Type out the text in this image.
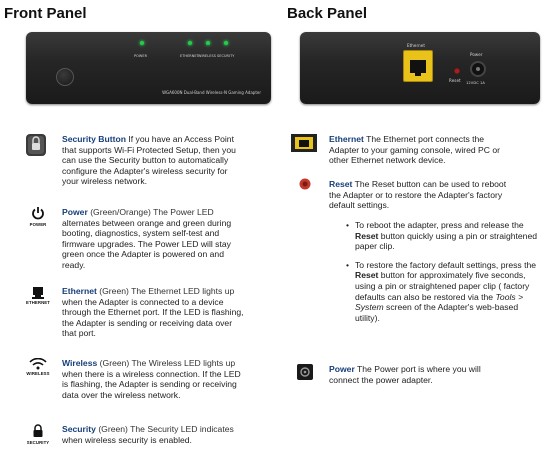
Front Panel	Back Panel
POWER	ETHERNET WIRELESS SECURITY
WGA600N Dual-Band Wireless-N Gaming Adapter
Ethernet
Power
Reset 12VDC 1A
Security Button If you have an Access Point
that supports Wi-Fi Protected Setup, then you
can use the Security button to automatically
configure the Adapter's wireless security for
your wireless network.
POWER
Power (Green/Orange) The Power LED
alternates between orange and green during
booting, diagnostics, system self-test and
firmware upgrades. The Power LED will stay
green once the Adapter is powered on and
ready.
ETHERNET
Ethernet (Green) The Ethernet LED lights up
when the Adapter is connected to a device
through the Ethernet port. If the LED is flashing,
the Adapter is sending or receiving data over
that port.
WIRELESS
Wireless (Green) The Wireless LED lights up
when there is a wireless connection. If the LED
is flashing, the Adapter is sending or receiving
data over the wireless network.
SECURITY
Security (Green) The Security LED indicates
when wireless security is enabled.
Ethernet The Ethernet port connects the
Adapter to your gaming console, wired PC or
other Ethernet network device.
Reset The Reset button can be used to reboot
the Adapter or to restore the Adapter's factory
default settings.
• To reboot the adapter, press and release the Reset button quickly using a pin or straightened paper clip.
• To restore the factory default settings, press the Reset button for approximately five seconds, using a pin or straightened paper clip ( factory defaults can also be restored via the Tools > System screen of the Adapter's web-based utility).
Power The Power port is where you will
connect the power adapter.
